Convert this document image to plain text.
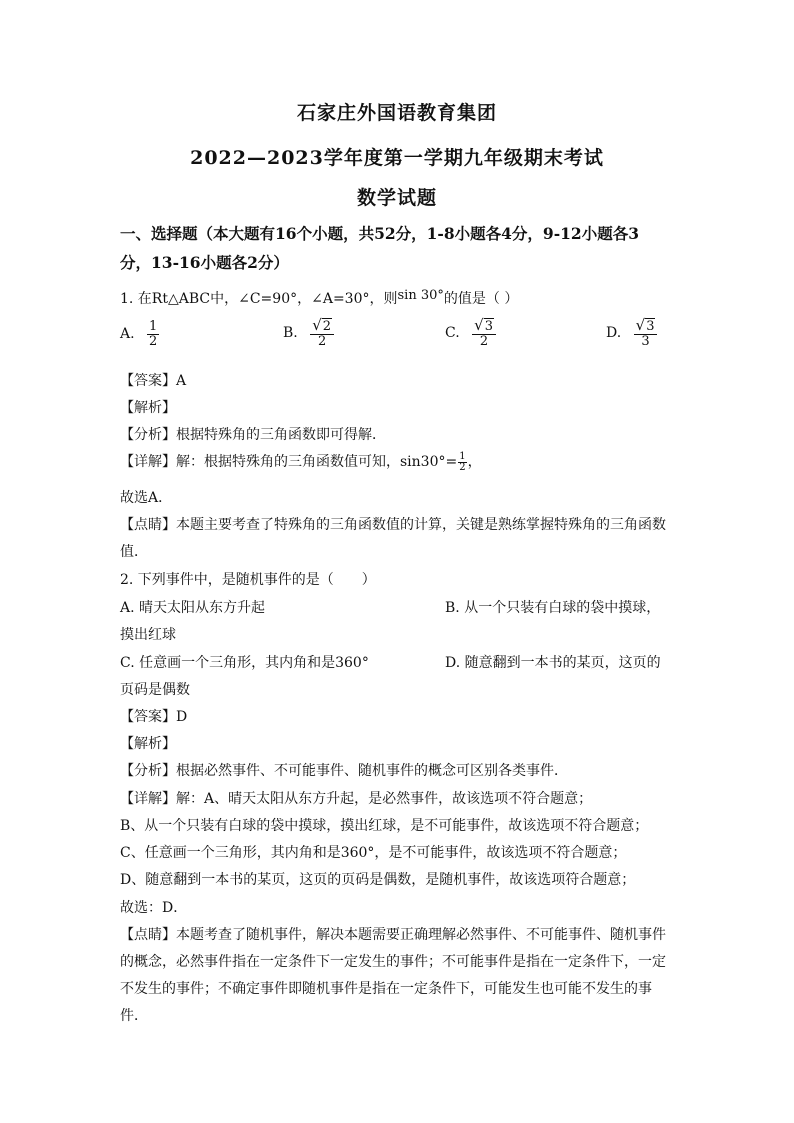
石家庄外国语教育集团
2022—2023学年度第一学期九年级期末考试
数学试题
一、选择题（本大题有16个小题，共52分，1-8小题各4分，9-12小题各3
分，13-16小题各2分）
1. 在Rt△ABC中，∠C=90°，∠A=30°，则sin 30°的值是（ ）
A. $\frac{1}{2}$	B. $\frac{√2}{2}$	C. $\frac{√3}{2}$	D. $\frac{√3}{3}$
【答案】A
【解析】
【分析】根据特殊角的三角函数即可得解．
【详解】解：根据特殊角的三角函数值可知，$\sin 30^\circ= \frac{1}{2}$ ，
故选A．
【点睛】本题主要考查了特殊角的三角函数值的计算，关键是熟练掌握特殊角的三角函数
值．
2. 下列事件中，是随机事件的是（　　）
A. 晴天太阳从东方升起	B. 从一个只装有白球的袋中摸球，
摸出红球
C. 任意画一个三角形，其内角和是360°	D. 随意翻到一本书的某页，这页的
页码是偶数
【答案】D
【解析】
【分析】根据必然事件、不可能事件、随机事件的概念可区别各类事件．
【详解】解：A、晴天太阳从东方升起，是必然事件，故该选项不符合题意；
B、从一个只装有白球的袋中摸球，摸出红球，是不可能事件，故该选项不符合题意；
C、任意画一个三角形，其内角和是360°，是不可能事件，故该选项不符合题意；
D、随意翻到一本书的某页，这页的页码是偶数，是随机事件，故该选项符合题意；
故选：D．
【点睛】本题考查了随机事件，解决本题需要正确理解必然事件、不可能事件、随机事件
的概念，必然事件指在一定条件下一定发生的事件；不可能事件是指在一定条件下，一定
不发生的事件；不确定事件即随机事件是指在一定条件下，可能发生也可能不发生的事
件．
